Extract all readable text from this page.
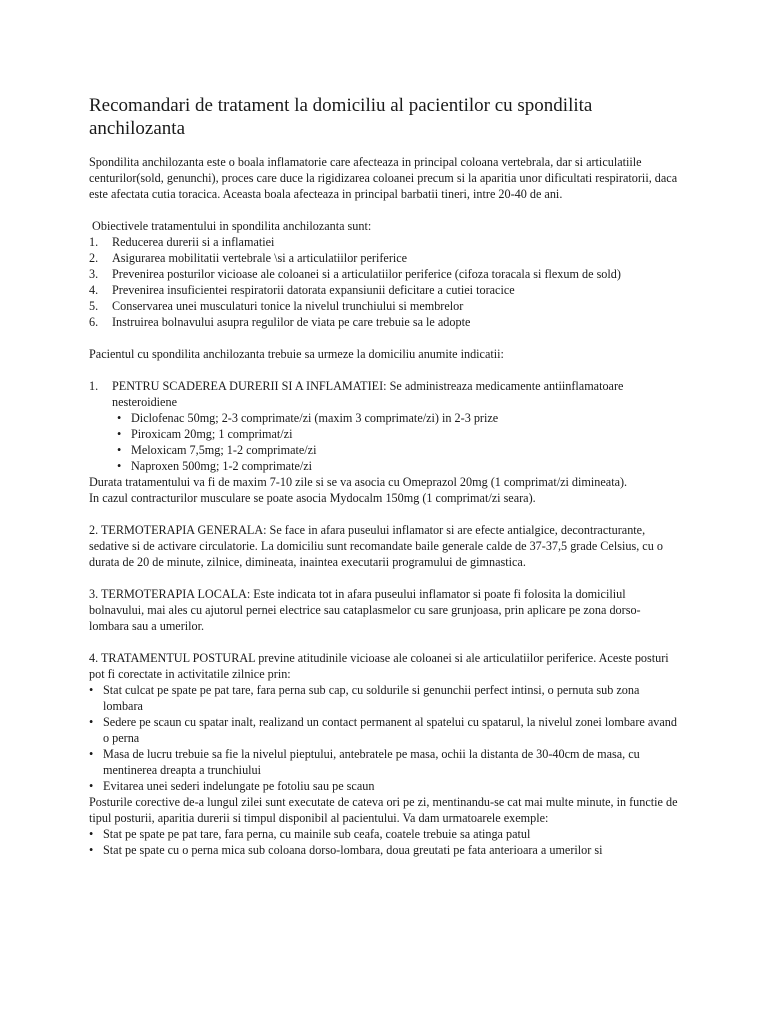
Recomandari de tratament la domiciliu al pacientilor cu spondilita anchilozanta

Spondilita anchilozanta este o boala inflamatorie care afecteaza in principal coloana vertebrala, dar si articulatiile centurilor(sold, genunchi), proces care duce la rigidizarea coloanei precum si la aparitia unor dificultati respiratorii, daca este afectata cutia toracica. Aceasta boala afecteaza in principal barbatii tineri, intre 20-40 de ani.

Obiectivele tratamentului in spondilita anchilozanta sunt:

1.	Reducerea durerii si a inflamatiei
2.	Asigurarea mobilitatii vertebrale \si a articulatiilor periferice
3.	Prevenirea posturilor vicioase ale coloanei si a articulatiilor periferice (cifoza toracala si flexum de sold)
4.	Prevenirea insuficientei respiratorii datorata expansiunii deficitare a cutiei toracice
5.	Conservarea unei musculaturi tonice la nivelul trunchiului si membrelor
6.	Instruirea bolnavului asupra regulilor de viata pe care trebuie sa le adopte

Pacientul cu spondilita anchilozanta trebuie sa urmeze la domiciliu anumite indicatii:

1.	PENTRU SCADEREA DURERII SI A INFLAMATIEI: Se administreaza medicamente antiinflamatoare nesteroidiene
• Diclofenac 50mg; 2-3 comprimate/zi (maxim 3 comprimate/zi) in 2-3 prize
• Piroxicam 20mg; 1 comprimat/zi
• Meloxicam 7,5mg; 1-2 comprimate/zi
• Naproxen 500mg; 1-2 comprimate/zi

Durata tratamentului va fi de maxim 7-10 zile si se va asocia cu Omeprazol 20mg (1 comprimat/zi dimineata).

In cazul contracturilor musculare se poate asocia Mydocalm 150mg (1 comprimat/zi seara).

2. TERMOTERAPIA GENERALA: Se face in afara puseului inflamator si are efecte antialgice, decontracturante, sedative si de activare circulatorie. La domiciliu sunt recomandate baile generale calde de 37-37,5 grade Celsius, cu o durata de 20 de minute, zilnice, dimineata, inaintea executarii programului de gimnastica.

3. TERMOTERAPIA LOCALA: Este indicata tot in afara puseului inflamator si poate fi folosita la domiciliul bolnavului, mai ales cu ajutorul pernei electrice sau cataplasmelor cu sare grunjoasa, prin aplicare pe zona dorso-lombara sau a umerilor.

4. TRATAMENTUL POSTURAL previne atitudinile vicioase ale coloanei si ale articulatiilor periferice. Aceste posturi pot fi corectate in activitatile zilnice prin:

• Stat culcat pe spate pe pat tare, fara perna sub cap, cu soldurile si genunchii perfect intinsi, o pernuta sub zona lombara
• Sedere pe scaun cu spatar inalt, realizand un contact permanent al spatelui cu spatarul, la nivelul zonei lombare avand o perna
• Masa de lucru trebuie sa fie la nivelul pieptului, antebratele pe masa, ochii la distanta de 30-40cm de masa, cu mentinerea dreapta a trunchiului
• Evitarea unei sederi indelungate pe fotoliu sau pe scaun

Posturile corective de-a lungul zilei sunt executate de cateva ori pe zi, mentinandu-se cat mai multe minute, in functie de tipul posturii, aparitia durerii si timpul disponibil al pacientului. Va dam urmatoarele exemple:

• Stat pe spate pe pat tare, fara perna, cu mainile sub ceafa, coatele trebuie sa atinga patul
• Stat pe spate cu o perna mica sub coloana dorso-lombara, doua greutati pe fata anterioara a umerilor si
